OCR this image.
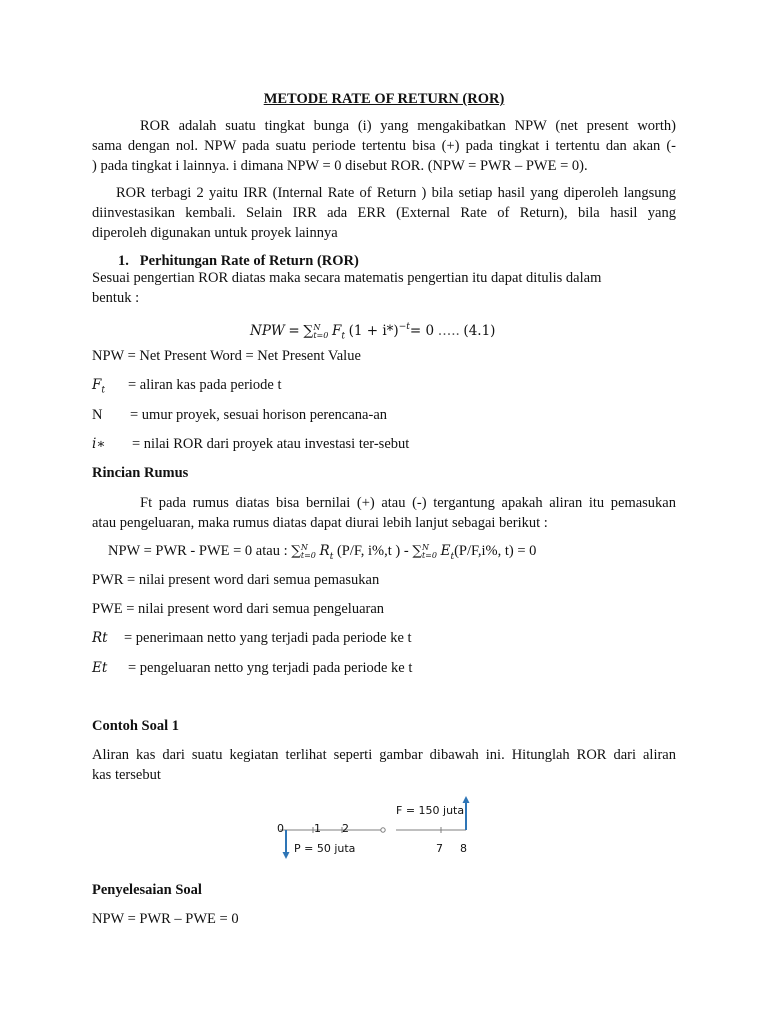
METODE RATE OF RETURN (ROR)
ROR adalah suatu tingkat bunga (i) yang mengakibatkan NPW (net present worth)
sama dengan nol. NPW pada suatu periode tertentu bisa (+) pada tingkat i tertentu dan akan (-
) pada tingkat i lainnya. i dimana NPW = 0 disebut ROR. (NPW = PWR – PWE = 0).
ROR terbagi 2 yaitu IRR (Internal Rate of Return ) bila setiap hasil yang diperoleh langsung
diinvestasikan kembali. Selain IRR ada ERR (External Rate of Return), bila hasil yang
diperoleh digunakan untuk proyek lainnya
1. Perhitungan Rate of Return (ROR)
Sesuai pengertian ROR diatas maka secara matematis pengertian itu dapat ditulis dalam
bentuk :
NPW = ∑ N
t=0 $F_t$ $(1 + i*)^{-t}= 0$ ….. (4.1)
NPW = Net Present Word = Net Present Value
$F_t$ = aliran kas pada periode t
N = umur proyek, sesuai horison perencana-an
i∗ = nilai ROR dari proyek atau investasi ter-sebut
Rincian Rumus
Ft pada rumus diatas bisa bernilai (+) atau (-) tergantung apakah aliran itu pemasukan
atau pengeluaran, maka rumus diatas dapat diurai lebih lanjut sebagai berikut :
NPW = PWR - PWE = 0 atau : ∑ N
t=0 $R_t$ (P/F, i%,t ) - ∑ N
t=0 $E_t(P/F,i\%$, t) = 0
PWR = nilai present word dari semua pemasukan
PWE = nilai present word dari semua pengeluaran
Rt = penerimaan netto yang terjadi pada periode ke t
Et = pengeluaran netto yng terjadi pada periode ke t
Contoh Soal 1
Aliran kas dari suatu kegiatan terlihat seperti gambar dibawah ini. Hitunglah ROR dari aliran
kas tersebut
F = 150 juta
P = 50 juta
0	1 2
7 8
Penyelesaian Soal
NPW = PWR – PWE = 0
